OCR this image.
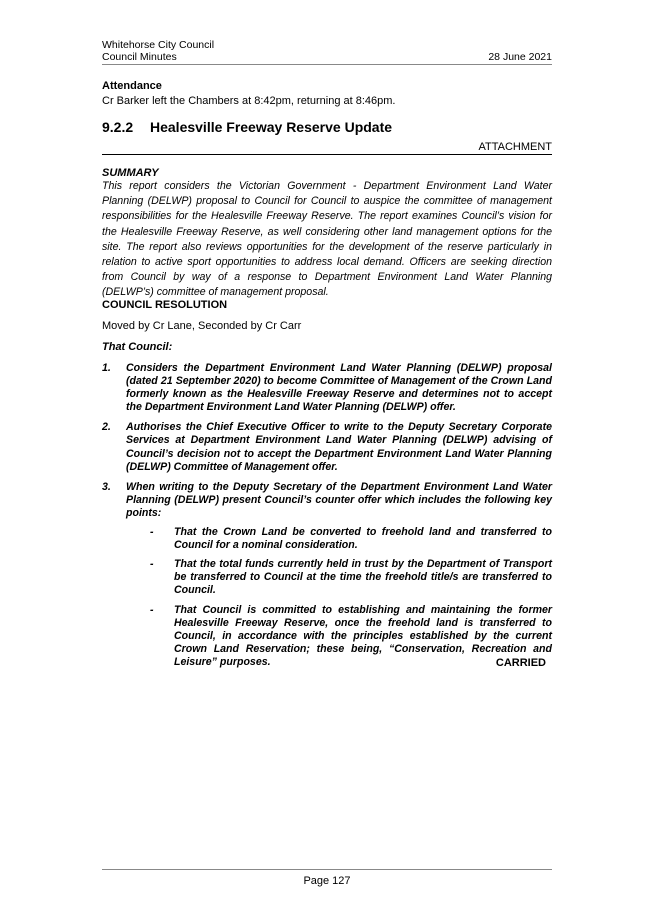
Whitehorse City Council
Council Minutes	28 June 2021
Attendance
Cr Barker left the Chambers at 8:42pm, returning at 8:46pm.
9.2.2 Healesville Freeway Reserve Update
ATTACHMENT
SUMMARY
This report considers the Victorian Government - Department Environment Land Water Planning (DELWP) proposal to Council for Council to auspice the committee of management responsibilities for the Healesville Freeway Reserve. The report examines Council’s vision for the Healesville Freeway Reserve, as well considering other land management options for the site. The report also reviews opportunities for the development of the reserve particularly in relation to active sport opportunities to address local demand. Officers are seeking direction from Council by way of a response to Department Environment Land Water Planning (DELWP’s) committee of management proposal.
COUNCIL RESOLUTION
Moved by Cr Lane, Seconded by Cr Carr
That Council:
1. Considers the Department Environment Land Water Planning (DELWP) proposal (dated 21 September 2020) to become Committee of Management of the Crown Land formerly known as the Healesville Freeway Reserve and determines not to accept the Department Environment Land Water Planning (DELWP) offer.
2. Authorises the Chief Executive Officer to write to the Deputy Secretary Corporate Services at Department Environment Land Water Planning (DELWP) advising of Council’s decision not to accept the Department Environment Land Water Planning (DELWP) Committee of Management offer.
3. When writing to the Deputy Secretary of the Department Environment Land Water Planning (DELWP) present Council’s counter offer which includes the following key points:
- That the Crown Land be converted to freehold land and transferred to Council for a nominal consideration.
- That the total funds currently held in trust by the Department of Transport be transferred to Council at the time the freehold title/s are transferred to Council.
- That Council is committed to establishing and maintaining the former Healesville Freeway Reserve, once the freehold land is transferred to Council, in accordance with the principles established by the current Crown Land Reservation; these being, “Conservation, Recreation and Leisure” purposes.	CARRIED
Page 127
